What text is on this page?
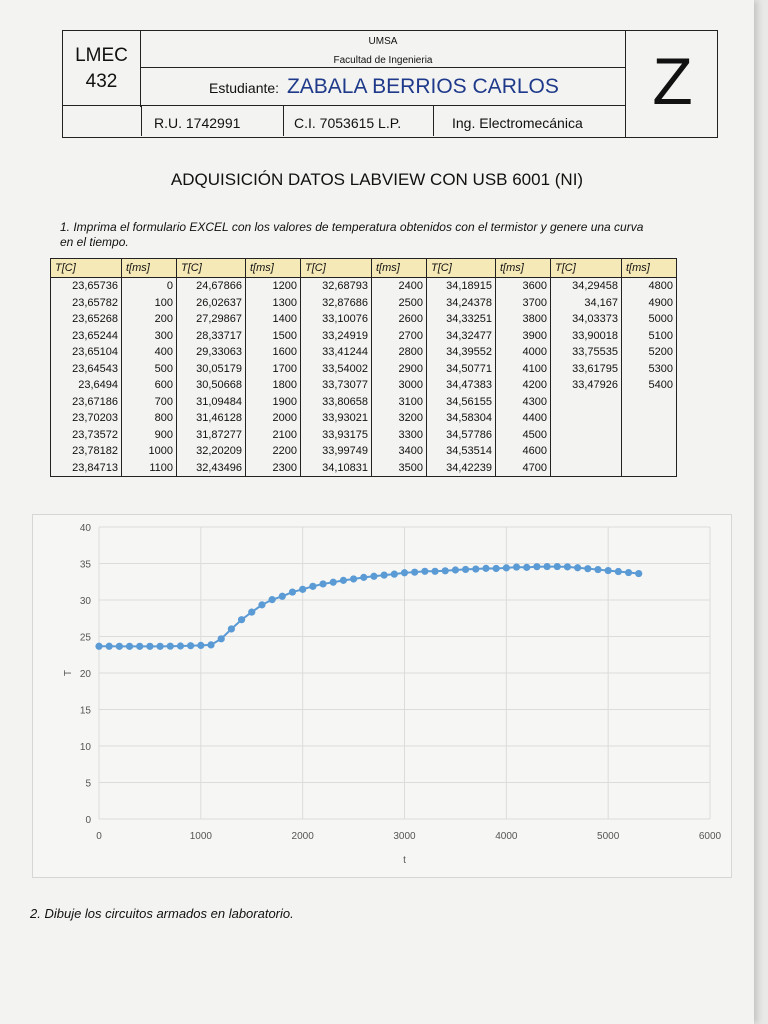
LMEC
432
UMSA
Facultad de Ingenieria
Estudiante: ZABALA BERRIOS CARLOS	Z
R.U. 1742991	C.I. 7053615 L.P.	Ing. Electromecánica
ADQUISICIÓN DATOS LABVIEW CON USB 6001 (NI)
1. Imprima el formulario EXCEL con los valores de temperatura obtenidos con el termistor y genere una curva en el tiempo.
T[C]	t[ms]	T[C]	t[ms]	T[C]	t[ms]	T[C]	t[ms]	T[C]	t[ms]
23,65736	0	24,67866	1200	32,68793	2400	34,18915	3600	34,29458	4800
23,65782	100	26,02637	1300	32,87686	2500	34,24378	3700	34,167	4900
23,65268	200	27,29867	1400	33,10076	2600	34,33251	3800	34,03373	5000
23,65244	300	28,33717	1500	33,24919	2700	34,32477	3900	33,90018	5100
23,65104	400	29,33063	1600	33,41244	2800	34,39552	4000	33,75535	5200
23,64543	500	30,05179	1700	33,54002	2900	34,50771	4100	33,61795	5300
23,6494	600	30,50668	1800	33,73077	3000	34,47383	4200	33,47926	5400
23,67186	700	31,09484	1900	33,80658	3100	34,56155	4300		
23,70203	800	31,46128	2000	33,93021	3200	34,58304	4400		
23,73572	900	31,87277	2100	33,93175	3300	34,57786	4500		
23,78182	1000	32,20209	2200	33,99749	3400	34,53514	4600		
23,84713	1100	32,43496	2300	34,10831	3500	34,42239	4700		
0
5
10
15
20
25
30
35
40
0	1000	2000	3000	4000	5000	6000
t
T
2. Dibuje los circuitos armados en laboratorio.
